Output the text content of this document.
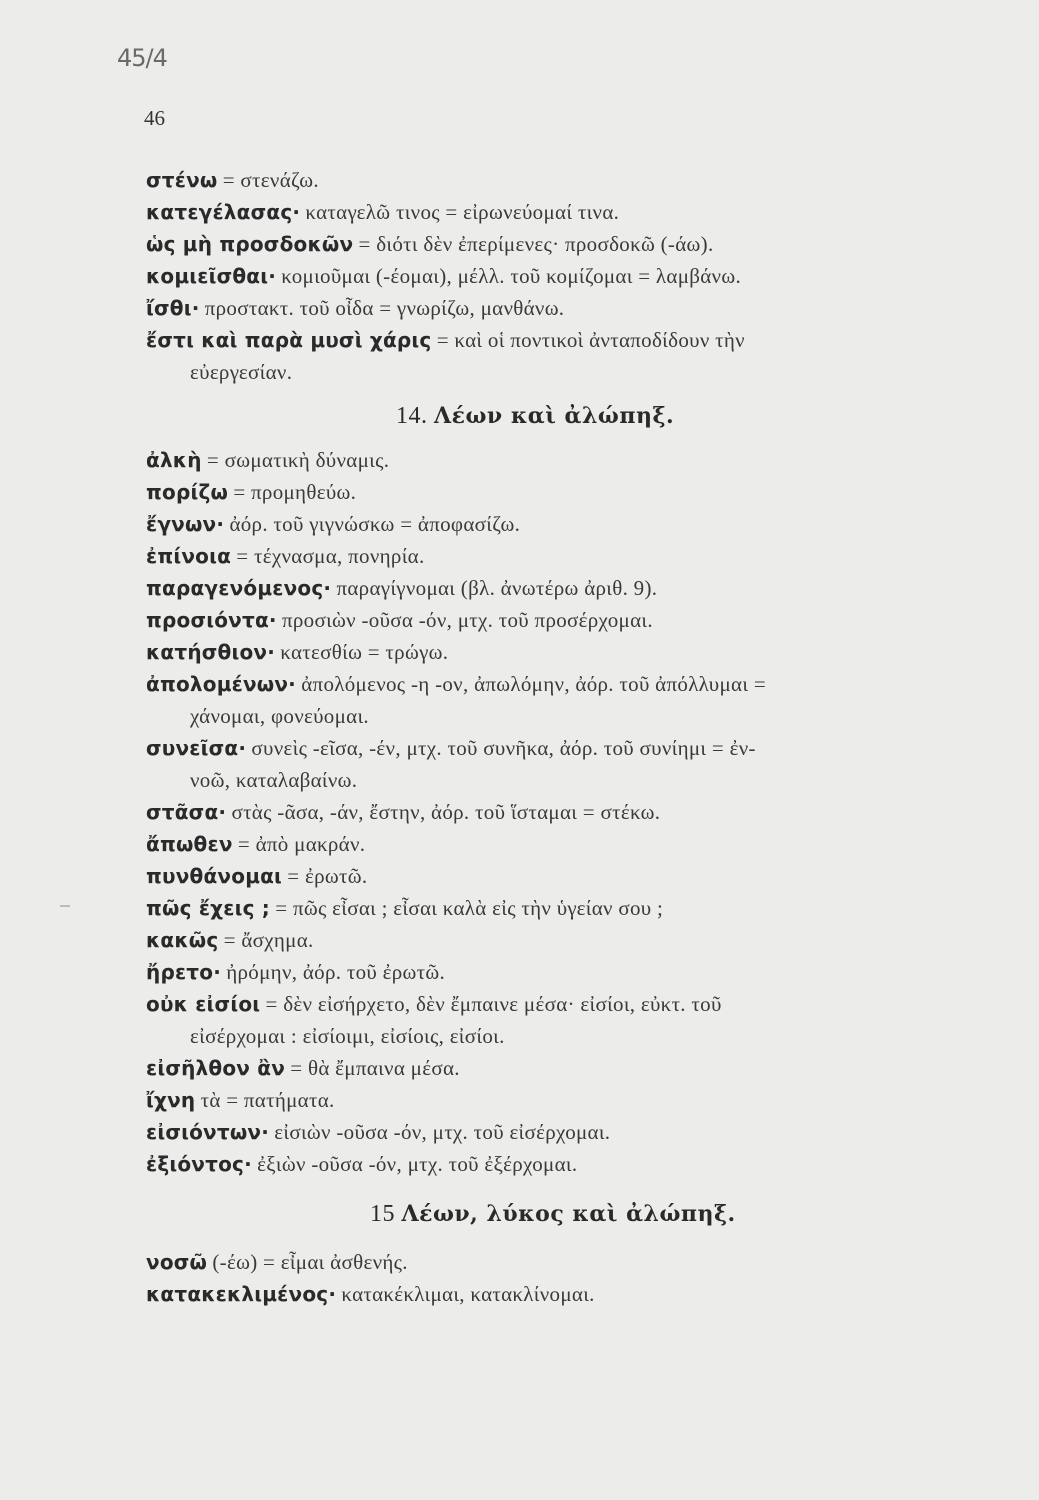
45/4
46

στένω = στενάζω.

κατεγέλασας· καταγελῶ τινος = εἰρωνεύομαί τινα.

ὡς μὴ προσδοκῶν = διότι δὲν ἐπερίμενες· προσδοκῶ (-άω).

κομιεῖσθαι· κομιοῦμαι (-έομαι), μέλλ. τοῦ κομίζομαι = λαμβάνω.

ἴσθι· προστακτ. τοῦ οἶδα = γνωρίζω, μανθάνω.

ἔστι καὶ παρὰ μυσὶ χάρις = καὶ οἱ ποντικοὶ ἀνταποδίδουν τὴν
εὐεργεσίαν.

14. Λέων καὶ ἀλώπηξ.

ἀλκὴ = σωματικὴ δύναμις.

πορίζω = προμηθεύω.

ἔγνων· ἀόρ. τοῦ γιγνώσκω = ἀποφασίζω.

ἐπίνοια = τέχνασμα, πονηρία.

παραγενόμενος· παραγίγνομαι (βλ. ἀνωτέρω ἀριθ. 9).

προσιόντα· προσιὼν -οῦσα -όν, μτχ. τοῦ προσέρχομαι.

κατήσθιον· κατεσθίω = τρώγω.

ἀπολομένων· ἀπολόμενος -η -ον, ἀπωλόμην, ἀόρ. τοῦ ἀπόλλυμαι =
χάνομαι, φονεύομαι.

συνεῖσα· συνεὶς -εῖσα, -έν, μτχ. τοῦ συνῆκα, ἀόρ. τοῦ συνίημι = ἐν-
νοῶ, καταλαβαίνω.

στᾶσα· στὰς -ᾶσα, -άν, ἔστην, ἀόρ. τοῦ ἵσταμαι = στέκω.

ἄπωθεν = ἀπὸ μακράν.

πυνθάνομαι = ἐρωτῶ.

πῶς ἔχεις ; = πῶς εἶσαι ; εἶσαι καλὰ εἰς τὴν ὑγείαν σου ;

κακῶς = ἄσχημα.

ἤρετο· ἠρόμην, ἀόρ. τοῦ ἐρωτῶ.

οὐκ εἰσίοι = δὲν εἰσήρχετο, δὲν ἔμπαινε μέσα· εἰσίοι, εὐκτ. τοῦ
εἰσέρχομαι : εἰσίοιμι, εἰσίοις, εἰσίοι.

εἰσῆλθον ἂν = θὰ ἔμπαινα μέσα.

ἴχνη τὰ = πατήματα.

εἰσιόντων· εἰσιὼν -οῦσα -όν, μτχ. τοῦ εἰσέρχομαι.

ἐξιόντος· ἐξιὼν -οῦσα -όν, μτχ. τοῦ ἐξέρχομαι.

15 Λέων, λύκος καὶ ἀλώπηξ.

νοσῶ (-έω) = εἶμαι ἀσθενής.

κατακεκλιμένος· κατακέκλιμαι, κατακλίνομαι.
